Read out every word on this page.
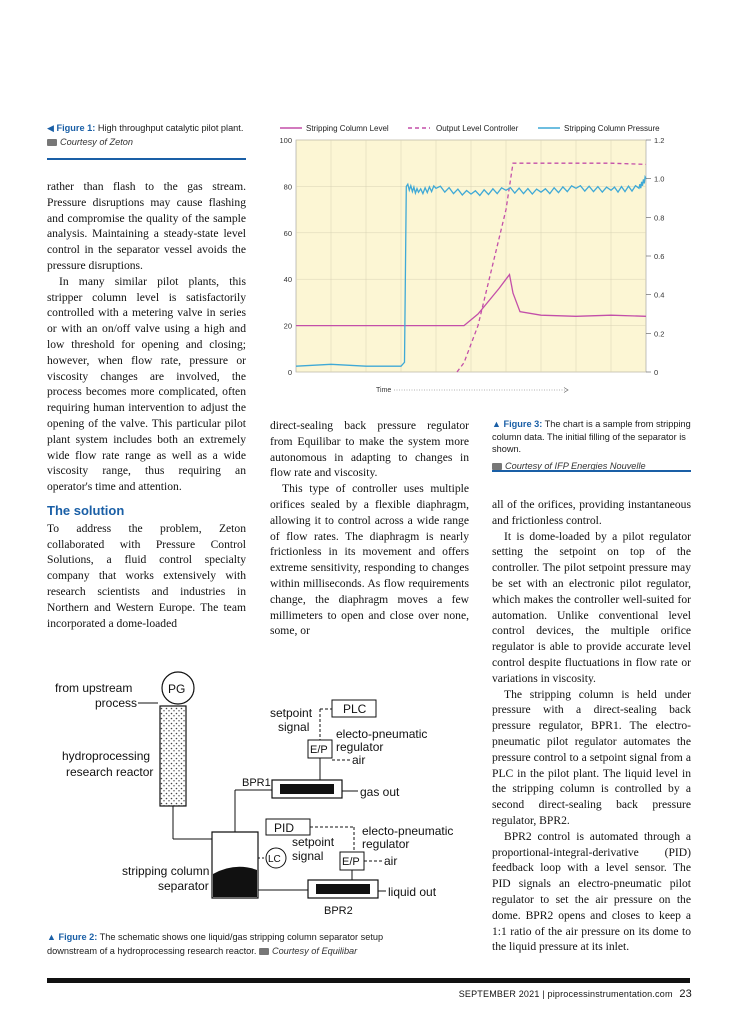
◀ Figure 1: High throughput catalytic pilot plant.
Courtesy of Zeton
Stripping Column Level	Output Level Controller	Stripping Column Pressure
0
20
40
60
80
100
0
0.2
0.4
0.6
0.8
1.0
1.2
Time
▲ Figure 3: The chart is a sample from stripping column data. The initial filling of the separator is shown.
Courtesy of IFP Energies Nouvelle

rather than flash to the gas stream. Pressure disruptions may cause flashing and compromise the quality of the sample analysis. Maintaining a steady-state level control in the separator vessel avoids the pressure disruptions.

In many similar pilot plants, this stripper column level is satisfactorily controlled with a metering valve in series or with an on/off valve using a high and low threshold for opening and closing; however, when flow rate, pressure or viscosity changes are involved, the process becomes more complicated, often requiring human intervention to adjust the opening of the valve. This particular pilot plant system includes both an extremely wide flow rate range as well as a wide viscosity range, thus requiring an operator's time and attention.

The solution

To address the problem, Zeton collaborated with Pressure Control Solutions, a fluid control specialty company that works extensively with research scientists and industries in Northern and Western Europe. The team incorporated a dome-loaded

direct-sealing back pressure regulator from Equilibar to make the system more autonomous in adapting to changes in flow rate and viscosity.

This type of controller uses multiple orifices sealed by a flexible diaphragm, allowing it to control across a wide range of flow rates. The diaphragm is nearly frictionless in its movement and offers extreme sensitivity, responding to changes within milliseconds. As flow requirements change, the diaphragm moves a few millimeters to open and close over none, some, or

all of the orifices, providing instantaneous and frictionless control.

It is dome-loaded by a pilot regulator setting the setpoint on top of the controller. The pilot setpoint pressure may be set with an electronic pilot regulator, which makes the controller well-suited for automation. Unlike conventional level control devices, the multiple orifice regulator is able to provide accurate level control despite fluctuations in flow rate or variations in viscosity.

The stripping column is held under pressure with a direct-sealing back pressure regulator, BPR1. The electro-pneumatic pilot regulator automates the pressure control to a setpoint signal from a PLC in the pilot plant. The liquid level in the stripping column is controlled by a second direct-sealing back pressure regulator, BPR2.

BPR2 control is automated through a proportional-integral-derivative (PID) feedback loop with a level sensor. The PID signals an electro-pneumatic pilot regulator to set the air pressure on the dome. BPR2 opens and closes to keep a 1:1 ratio of the air pressure on its dome to the liquid pressure at its inlet.

from upstream
process
PG
hydroprocessing
research reactor
BPR1
gas out
setpoint
signal
PLC
E/P
electo-pneumatic
regulator
air
PID
setpoint
signal
electo-pneumatic
regulator
E/P air
LC
stripping column
separator	liquid out
BPR2
▲ Figure 2: The schematic shows one liquid/gas stripping column separator setup downstream of a hydroprocessing research reactor. Courtesy of Equilibar
SEPTEMBER 2021 | piprocessinstrumentation.com 23
